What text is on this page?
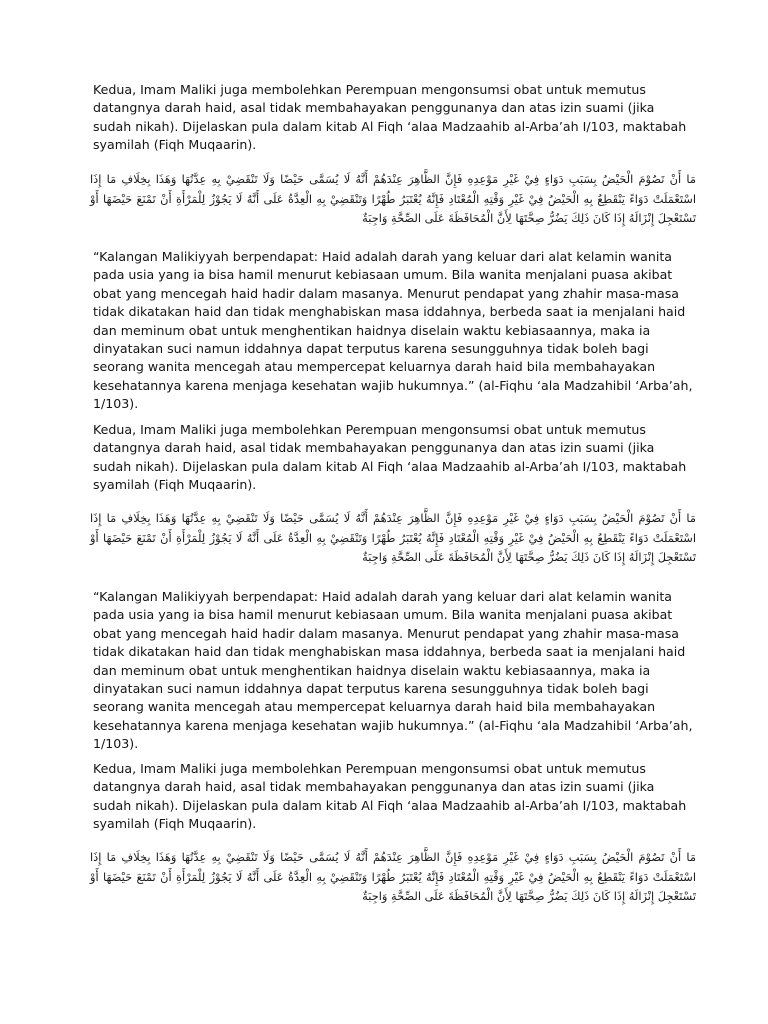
Kedua, Imam Maliki juga membolehkan Perempuan mengonsumsi obat untuk memutus datangnya darah haid, asal tidak membahayakan penggunanya dan atas izin suami (jika sudah nikah). Dijelaskan pula dalam kitab Al Fiqh ‘alaa Madzaahib al-Arba’ah I/103, maktabah syamilah (Fiqh Muqaarin).

مَا أَنْ تَصُوْمَ الْحَيْضُ بِسَبَبِ دَوَاءٍ فِيْ غَيْرِ مَوْعِدِهِ فَإِنَّ الظَّاهِرَ عِنْدَهُمْ أَنَّهُ لَا يُسَمَّى حَيْضًا وَلَا تَنْقَضِيْ بِهِ عِدَّتُهَا وَهَذَا بِخِلَافِ مَا إِذَا اسْتَعْمَلَتْ دَوَاءً يَنْقَطِعُ بِهِ الْحَيْضُ فِيْ غَيْرِ وَقْتِهِ الْمُعْتَادِ فَإِنَّهُ يُعْتَبَرُ طُهْرًا وَتَنْقَضِيْ بِهِ الْعِدَّةُ عَلَى أَنَّهُ لَا يَجُوْزُ لِلْمَرْأَةِ أَنْ تَمْنَعَ حَيْضَهَا أَوْ تَسْتَعْجِلَ إِنْزَالَهُ إِذَا كَانَ ذَلِكَ يَضُرُّ صِحَّتَهَا لِأَنَّ الْمُحَافَظَةَ عَلَى الصِّحَّةِ وَاجِبَةٌ

“Kalangan Malikiyyah berpendapat: Haid adalah darah yang keluar dari alat kelamin wanita pada usia yang ia bisa hamil menurut kebiasaan umum. Bila wanita menjalani puasa akibat obat yang mencegah haid hadir dalam masanya. Menurut pendapat yang zhahir masa-masa tidak dikatakan haid dan tidak menghabiskan masa iddahnya, berbeda saat ia menjalani haid dan meminum obat untuk menghentikan haidnya diselain waktu kebiasaannya, maka ia dinyatakan suci namun iddahnya dapat terputus karena sesungguhnya tidak boleh bagi seorang wanita mencegah atau mempercepat keluarnya darah haid bila membahayakan kesehatannya karena menjaga kesehatan wajib hukumnya.” (al-Fiqhu ‘ala Madzahibil ‘Arba’ah, 1/103).

Kedua, Imam Maliki juga membolehkan Perempuan mengonsumsi obat untuk memutus datangnya darah haid, asal tidak membahayakan penggunanya dan atas izin suami (jika sudah nikah). Dijelaskan pula dalam kitab Al Fiqh ‘alaa Madzaahib al-Arba’ah I/103, maktabah syamilah (Fiqh Muqaarin).

مَا أَنْ تَصُوْمَ الْحَيْضُ بِسَبَبِ دَوَاءٍ فِيْ غَيْرِ مَوْعِدِهِ فَإِنَّ الظَّاهِرَ عِنْدَهُمْ أَنَّهُ لَا يُسَمَّى حَيْضًا وَلَا تَنْقَضِيْ بِهِ عِدَّتُهَا وَهَذَا بِخِلَافِ مَا إِذَا اسْتَعْمَلَتْ دَوَاءً يَنْقَطِعُ بِهِ الْحَيْضُ فِيْ غَيْرِ وَقْتِهِ الْمُعْتَادِ فَإِنَّهُ يُعْتَبَرُ طُهْرًا وَتَنْقَضِيْ بِهِ الْعِدَّةُ عَلَى أَنَّهُ لَا يَجُوْزُ لِلْمَرْأَةِ أَنْ تَمْنَعَ حَيْضَهَا أَوْ تَسْتَعْجِلَ إِنْزَالَهُ إِذَا كَانَ ذَلِكَ يَضُرُّ صِحَّتَهَا لِأَنَّ الْمُحَافَظَةَ عَلَى الصِّحَّةِ وَاجِبَةٌ

“Kalangan Malikiyyah berpendapat: Haid adalah darah yang keluar dari alat kelamin wanita pada usia yang ia bisa hamil menurut kebiasaan umum. Bila wanita menjalani puasa akibat obat yang mencegah haid hadir dalam masanya. Menurut pendapat yang zhahir masa-masa tidak dikatakan haid dan tidak menghabiskan masa iddahnya, berbeda saat ia menjalani haid dan meminum obat untuk menghentikan haidnya diselain waktu kebiasaannya, maka ia dinyatakan suci namun iddahnya dapat terputus karena sesungguhnya tidak boleh bagi seorang wanita mencegah atau mempercepat keluarnya darah haid bila membahayakan kesehatannya karena menjaga kesehatan wajib hukumnya.” (al-Fiqhu ‘ala Madzahibil ‘Arba’ah, 1/103).

Kedua, Imam Maliki juga membolehkan Perempuan mengonsumsi obat untuk memutus datangnya darah haid, asal tidak membahayakan penggunanya dan atas izin suami (jika sudah nikah). Dijelaskan pula dalam kitab Al Fiqh ‘alaa Madzaahib al-Arba’ah I/103, maktabah syamilah (Fiqh Muqaarin).

مَا أَنْ تَصُوْمَ الْحَيْضُ بِسَبَبِ دَوَاءٍ فِيْ غَيْرِ مَوْعِدِهِ فَإِنَّ الظَّاهِرَ عِنْدَهُمْ أَنَّهُ لَا يُسَمَّى حَيْضًا وَلَا تَنْقَضِيْ بِهِ عِدَّتُهَا وَهَذَا بِخِلَافِ مَا إِذَا اسْتَعْمَلَتْ دَوَاءً يَنْقَطِعُ بِهِ الْحَيْضُ فِيْ غَيْرِ وَقْتِهِ الْمُعْتَادِ فَإِنَّهُ يُعْتَبَرُ طُهْرًا وَتَنْقَضِيْ بِهِ الْعِدَّةُ عَلَى أَنَّهُ لَا يَجُوْزُ لِلْمَرْأَةِ أَنْ تَمْنَعَ حَيْضَهَا أَوْ تَسْتَعْجِلَ إِنْزَالَهُ إِذَا كَانَ ذَلِكَ يَضُرُّ صِحَّتَهَا لِأَنَّ الْمُحَافَظَةَ عَلَى الصِّحَّةِ وَاجِبَةٌ
